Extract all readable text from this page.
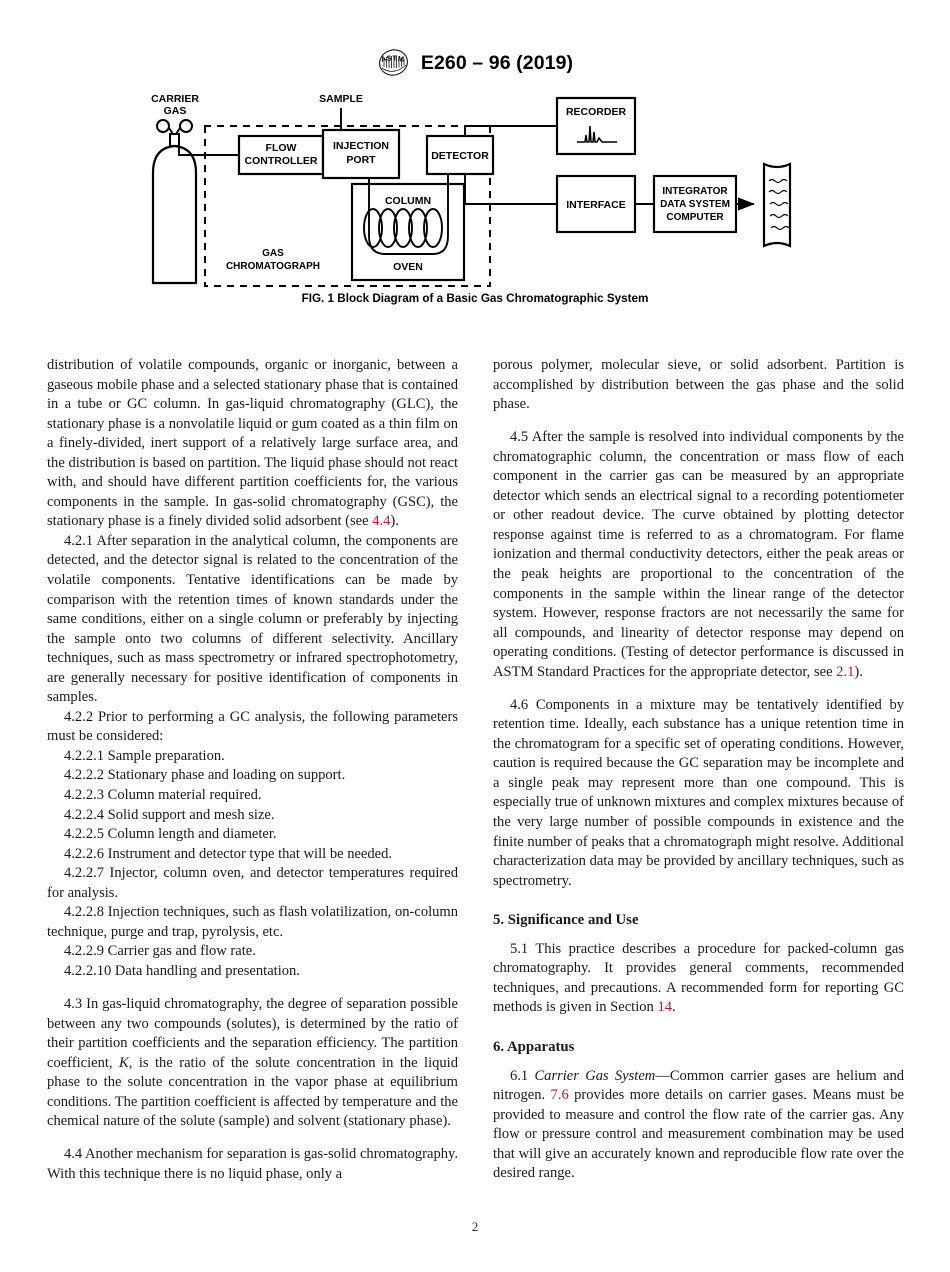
A
S T M E260 – 96 (2019)
SAMPLE
CARRIER
GAS
FLOW
CONTROLLER
INJECTION
PORT
COLUMN
OVEN
GAS
CHROMATOGRAPH
DETECTOR
RECORDER
INTERFACE
INTEGRATOR
DATA SYSTEM
COMPUTER
FIG. 1 Block Diagram of a Basic Gas Chromatographic System

distribution of volatile compounds, organic or inorganic, between a gaseous mobile phase and a selected stationary phase that is contained in a tube or GC column. In gas-liquid chromatography (GLC), the stationary phase is a nonvolatile liquid or gum coated as a thin film on a finely-divided, inert support of a relatively large surface area, and the distribution is based on partition. The liquid phase should not react with, and should have different partition coefficients for, the various components in the sample. In gas-solid chromatography (GSC), the stationary phase is a finely divided solid adsorbent (see 4.4).

4.2.1 After separation in the analytical column, the components are detected, and the detector signal is related to the concentration of the volatile components. Tentative identifications can be made by comparison with the retention times of known standards under the same conditions, either on a single column or preferably by injecting the sample onto two columns of different selectivity. Ancillary techniques, such as mass spectrometry or infrared spectrophotometry, are generally necessary for positive identification of components in samples.

4.2.2 Prior to performing a GC analysis, the following parameters must be considered:

4.2.2.1 Sample preparation.

4.2.2.2 Stationary phase and loading on support.

4.2.2.3 Column material required.

4.2.2.4 Solid support and mesh size.

4.2.2.5 Column length and diameter.

4.2.2.6 Instrument and detector type that will be needed.

4.2.2.7 Injector, column oven, and detector temperatures required for analysis.

4.2.2.8 Injection techniques, such as flash volatilization, on-column technique, purge and trap, pyrolysis, etc.

4.2.2.9 Carrier gas and flow rate.

4.2.2.10 Data handling and presentation.

4.3 In gas-liquid chromatography, the degree of separation possible between any two compounds (solutes), is determined by the ratio of their partition coefficients and the separation efficiency. The partition coefficient, K, is the ratio of the solute concentration in the liquid phase to the solute concentration in the vapor phase at equilibrium conditions. The partition coefficient is affected by temperature and the chemical nature of the solute (sample) and solvent (stationary phase).

4.4 Another mechanism for separation is gas-solid chromatography. With this technique there is no liquid phase, only a

porous polymer, molecular sieve, or solid adsorbent. Partition is accomplished by distribution between the gas phase and the solid phase.

4.5 After the sample is resolved into individual components by the chromatographic column, the concentration or mass flow of each component in the carrier gas can be measured by an appropriate detector which sends an electrical signal to a recording potentiometer or other readout device. The curve obtained by plotting detector response against time is referred to as a chromatogram. For flame ionization and thermal conductivity detectors, either the peak areas or the peak heights are proportional to the concentration of the components in the sample within the linear range of the detector system. However, response fractors are not necessarily the same for all compounds, and linearity of detector response may depend on operating conditions. (Testing of detector performance is discussed in ASTM Standard Practices for the appropriate detector, see 2.1).

4.6 Components in a mixture may be tentatively identified by retention time. Ideally, each substance has a unique retention time in the chromatogram for a specific set of operating conditions. However, caution is required because the GC separation may be incomplete and a single peak may represent more than one compound. This is especially true of unknown mixtures and complex mixtures because of the very large number of possible compounds in existence and the finite number of peaks that a chromatograph might resolve. Additional characterization data may be provided by ancillary techniques, such as spectrometry.

5. Significance and Use

5.1 This practice describes a procedure for packed-column gas chromatography. It provides general comments, recommended techniques, and precautions. A recommended form for reporting GC methods is given in Section 14.

6. Apparatus

6.1 Carrier Gas System—Common carrier gases are helium and nitrogen. 7.6 provides more details on carrier gases. Means must be provided to measure and control the flow rate of the carrier gas. Any flow or pressure control and measurement combination may be used that will give an accurately known and reproducible flow rate over the desired range.

2
